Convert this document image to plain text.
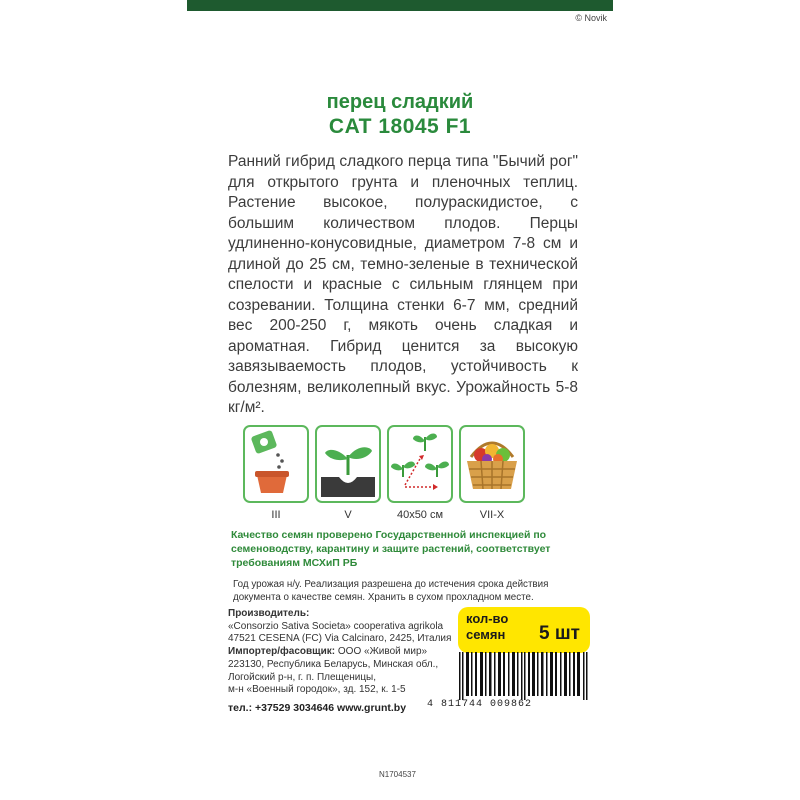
© Novik
перец сладкий
CAT 18045 F1
Ранний гибрид сладкого перца типа "Бычий рог" для открытого грунта и пленочных теплиц. Растение высокое, полураскидистое, с большим количеством плодов. Перцы удлиненно-конусовидные, диаметром 7-8 см и длиной до 25 см, темно-зеленые в технической спелости и красные с сильным глянцем при созревании. Толщина стенки 6-7 мм, средний вес 200-250 г, мякоть очень сладкая и ароматная. Гибрид ценится за высокую завязываемость плодов, устойчивость к болезням, великолепный вкус. Урожайность 5-8 кг/м².
III	V	40x50 см	VII-X
Качество семян проверено Государственной инспекцией по
семеноводству, карантину и защите растений, соответствует
требованиям МСХиП РБ
Год урожая н/у. Реализация разрешена до истечения срока действия
документа о качестве семян. Хранить в сухом прохладном месте.
Производитель:
«Consorzio Sativa Societa» cooperativa agrikola
47521 CESENA (FC) Via Calcinaro, 2425, Италия
Импортер/фасовщик: ООО «Живой мир»
223130, Республика Беларусь, Минская обл.,
Логойский р-н, г. п. Плещеницы,
м-н «Военный городок», зд. 152, к. 1-5
тел.: +37529 3034646 www.grunt.by
кол-во
семян	5 шт
4 811744 009862
N1704537
